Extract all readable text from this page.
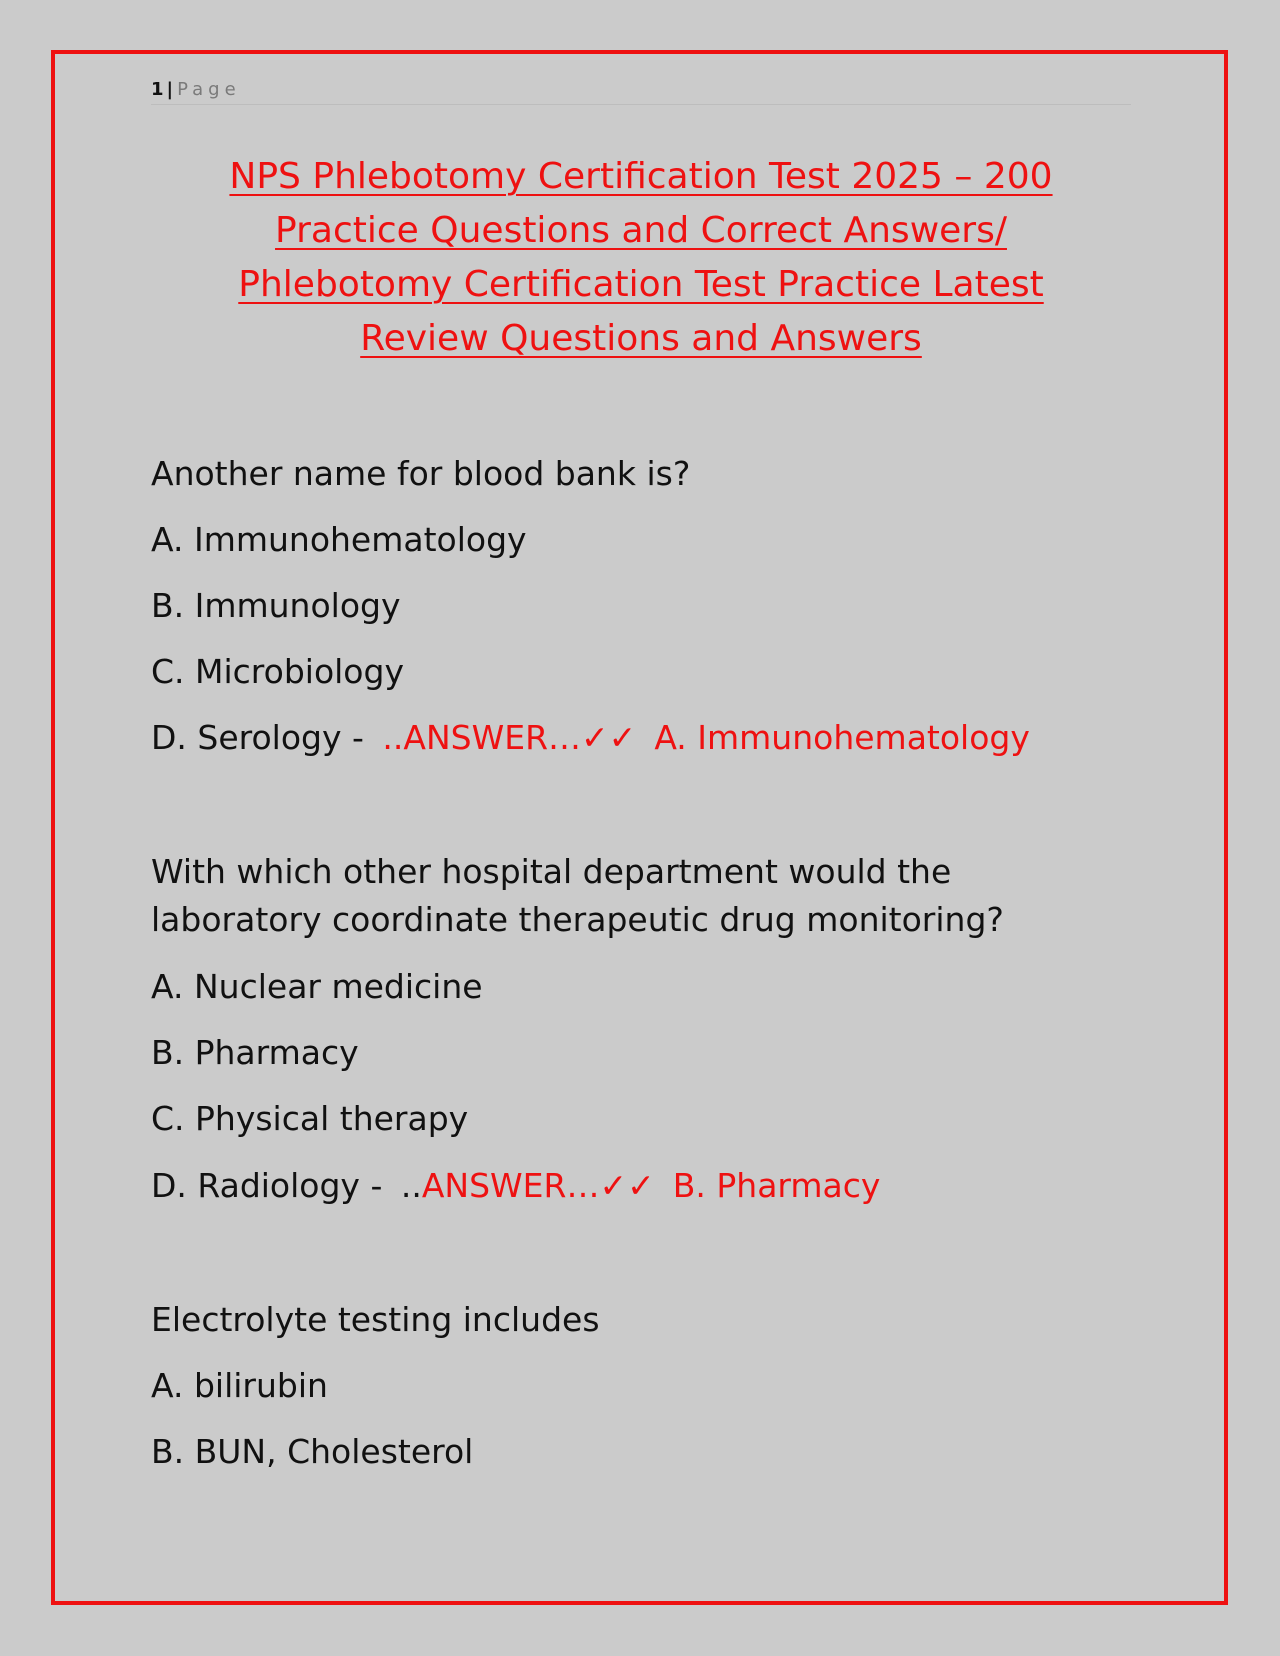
1 | Page
NPS Phlebotomy Certification Test 2025 – 200
Practice Questions and Correct Answers/
Phlebotomy Certification Test Practice Latest
Review Questions and Answers
Another name for blood bank is?
A. Immunohematology
B. Immunology
C. Microbiology
D. Serology - ..ANSWER…✓✓ A. Immunohematology
With which other hospital department would the
laboratory coordinate therapeutic drug monitoring?
A. Nuclear medicine
B. Pharmacy
C. Physical therapy
D. Radiology - ..ANSWER…✓✓ B. Pharmacy
Electrolyte testing includes
A. bilirubin
B. BUN, Cholesterol
